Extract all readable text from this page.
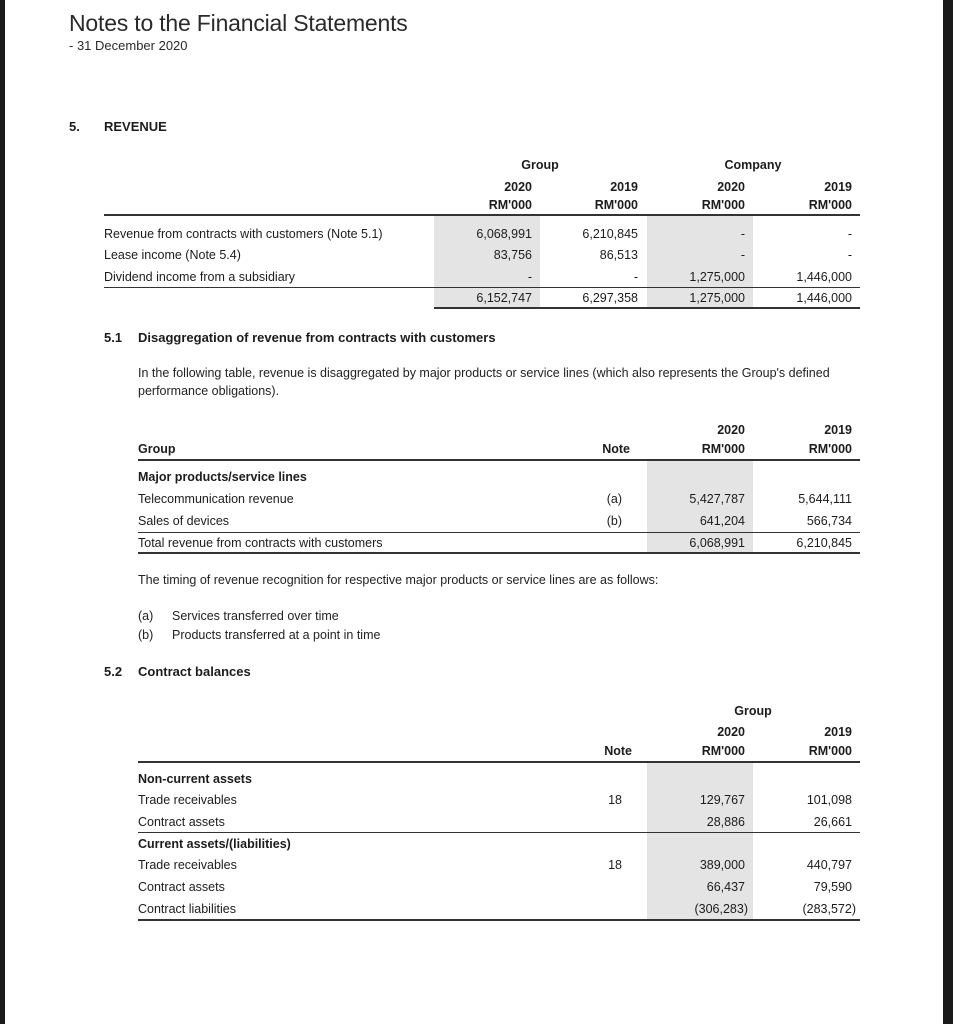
Notes to the Financial Statements
- 31 December 2020
5. REVENUE
Group	Company
2020	2019	2020	2019
RM'000	RM'000	RM'000	RM'000
Revenue from contracts with customers (Note 5.1)	6,068,991	6,210,845	-	-
Lease income (Note 5.4)	83,756	86,513	-	-
Dividend income from a subsidiary	-	-	1,275,000	1,446,000
6,152,747	6,297,358	1,275,000	1,446,000
5.1 Disaggregation of revenue from contracts with customers
In the following table, revenue is disaggregated by major products or service lines (which also represents the Group's defined
performance obligations).
2020	2019
Group	Note	RM'000	RM'000
Major products/service lines
Telecommunication revenue	(a)	5,427,787	5,644,111
Sales of devices	(b)	641,204	566,734
Total revenue from contracts with customers	6,068,991	6,210,845
The timing of revenue recognition for respective major products or service lines are as follows:
(a) Services transferred over time
(b) Products transferred at a point in time
5.2 Contract balances
Group
2020	2019
Note	RM'000	RM'000
Non-current assets
Trade receivables	18	129,767	101,098
Contract assets	28,886	26,661
Current assets/(liabilities)
Trade receivables	18	389,000	440,797
Contract assets	66,437	79,590
Contract liabilities	(306,283)	(283,572)
